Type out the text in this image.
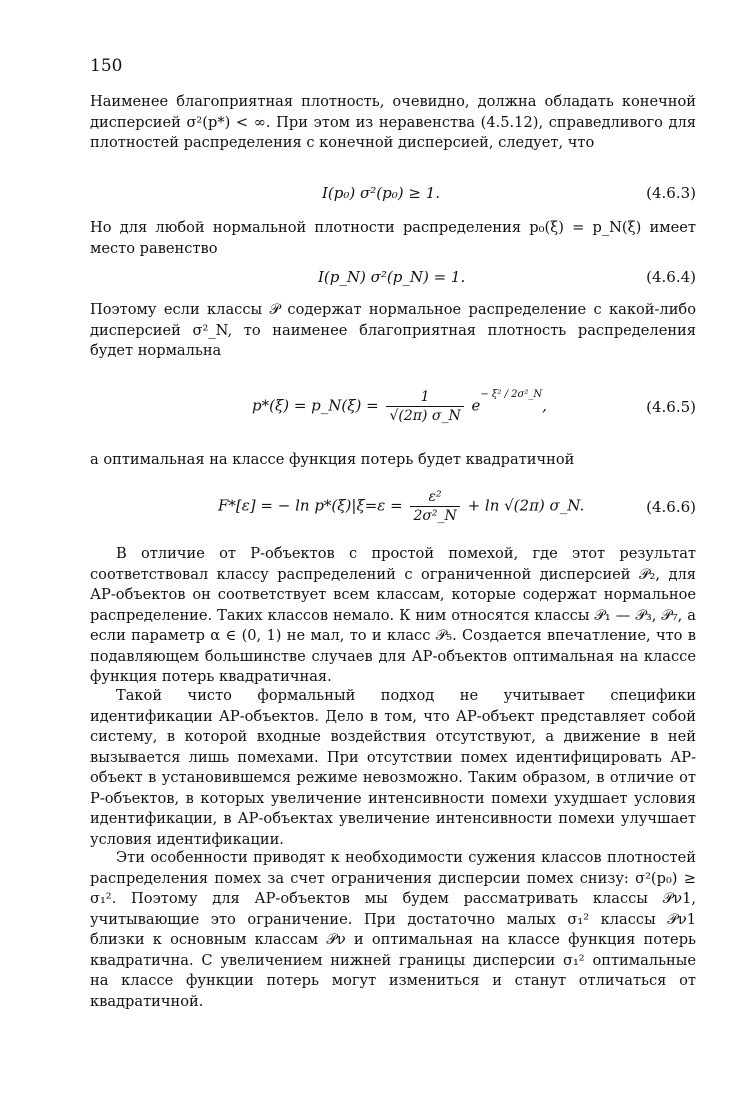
150

Наименее благоприятная плотность, очевидно, должна обладать конечной дисперсией σ²(p*) < ∞. При этом из неравенства (4.5.12), справедливого для плотностей распределения с конечной дисперсией, следует, что

I(p₀) σ²(p₀) ≥ 1.	(4.6.3)

Но для любой нормальной плотности распределения p₀(ξ) = p_N(ξ) имеет место равенство

I(p_N) σ²(p_N) = 1.	(4.6.4)

Поэтому если классы 𝒫 содержат нормальное распределение с какой-либо дисперсией σ²_N, то наименее благоприятная плотность распределения будет нормальна

p*(ξ) = p_N(ξ) = $\frac{1}{√(2\pi) \sigma\_N} e^{- \xi^2 / 2\sigma^2\_N}$,	(4.6.5)

а оптимальная на классе функция потерь будет квадратичной

F*[ε] = − $\ln p*(\xi)|\xi=\varepsilon = \frac{\text{ε²}}{\text{2σ²\_N}} + \ln √(2\pi)$ σ_N.	(4.6.6)

В отличие от Р-объектов с простой помехой, где этот результат соответствовал классу распределений с ограниченной дисперсией 𝒫₂, для АР-объектов он соответствует всем классам, которые содержат нормальное распределение. Таких классов немало. К ним относятся классы 𝒫₁ — 𝒫₃, 𝒫₇, а если параметр α ∈ (0, 1) не мал, то и класс 𝒫₅. Создается впечатление, что в подавляющем большинстве случаев для АР-объектов оптимальная на классе функция потерь квадратичная.

Такой чисто формальный подход не учитывает специфики идентификации АР-объектов. Дело в том, что АР-объект представляет собой систему, в которой входные воздействия отсутствуют, а движение в ней вызывается лишь помехами. При отсутствии помех идентифицировать АР-объект в установившемся режиме невозможно. Таким образом, в отличие от Р-объектов, в которых увеличение интенсивности помехи ухудшает условия идентификации, в АР-объектах увеличение интенсивности помехи улучшает условия идентификации.

Эти особенности приводят к необходимости сужения классов плотностей распределения помех за счет ограничения дисперсии помех снизу: σ²(p₀) ≥ σ₁². Поэтому для АР-объектов мы будем рассматривать классы 𝒫ν1, учитывающие это ограничение. При достаточно малых σ₁² классы 𝒫ν1 близки к основным классам 𝒫ν и оптимальная на классе функция потерь квадратична. С увеличением нижней границы дисперсии σ₁² оптимальные на классе функции потерь могут измениться и станут отличаться от квадратичной.
